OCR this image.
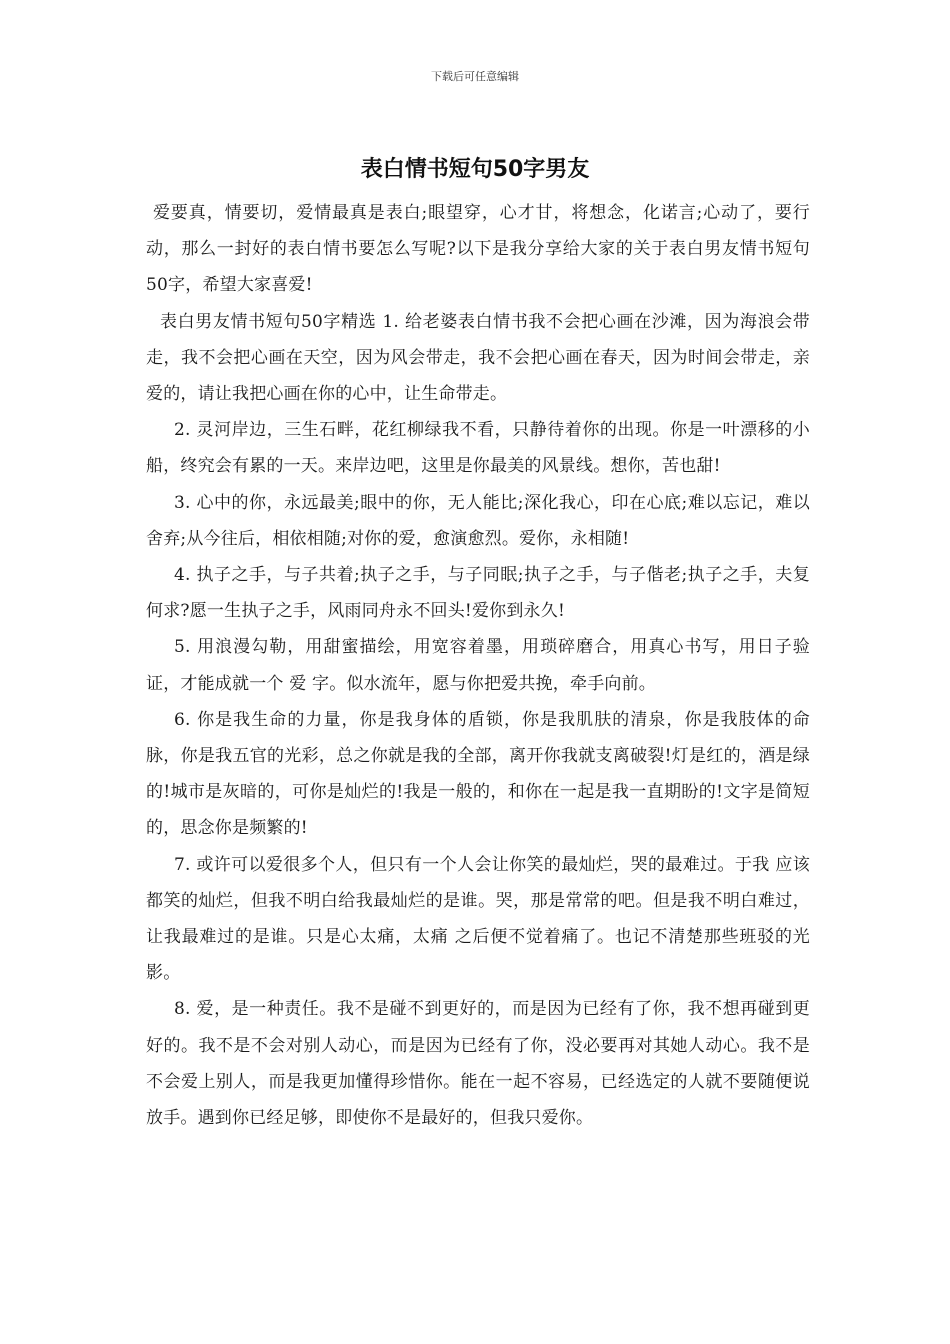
下载后可任意编辑
表白情书短句50字男友

爱要真，情要切，爱情最真是表白;眼望穿，心才甘，将想念，化诺言;心动了，要行动，那么一封好的表白情书要怎么写呢?以下是我分享给大家的关于表白男友情书短句50字，希望大家喜爱!

表白男友情书短句50字精选 1. 给老婆表白情书我不会把心画在沙滩，因为海浪会带走，我不会把心画在天空，因为风会带走，我不会把心画在春天，因为时间会带走，亲爱的，请让我把心画在你的心中，让生命带走。

2. 灵河岸边，三生石畔，花红柳绿我不看，只静待着你的出现。你是一叶漂移的小船，终究会有累的一天。来岸边吧，这里是你最美的风景线。想你，苦也甜!

3. 心中的你，永远最美;眼中的你，无人能比;深化我心，印在心底;难以忘记，难以舍弃;从今往后，相依相随;对你的爱，愈演愈烈。爱你，永相随!

4. 执子之手，与子共着;执子之手，与子同眠;执子之手，与子偕老;执子之手，夫复何求?愿一生执子之手，风雨同舟永不回头!爱你到永久!

5. 用浪漫勾勒，用甜蜜描绘，用宽容着墨，用琐碎磨合，用真心书写，用日子验证，才能成就一个 爱 字。似水流年，愿与你把爱共挽，牵手向前。

6. 你是我生命的力量，你是我身体的盾锁，你是我肌肤的清泉，你是我肢体的命脉，你是我五官的光彩，总之你就是我的全部，离开你我就支离破裂!灯是红的，酒是绿的!城市是灰暗的，可你是灿烂的!我是一般的，和你在一起是我一直期盼的!文字是简短的，思念你是频繁的!

7. 或许可以爱很多个人，但只有一个人会让你笑的最灿烂，哭的最难过。于我 应该都笑的灿烂，但我不明白给我最灿烂的是谁。哭，那是常常的吧。但是我不明白难过，让我最难过的是谁。只是心太痛，太痛 之后便不觉着痛了。也记不清楚那些班驳的光影。

8. 爱，是一种责任。我不是碰不到更好的，而是因为已经有了你，我不想再碰到更好的。我不是不会对别人动心，而是因为已经有了你，没必要再对其她人动心。我不是不会爱上别人，而是我更加懂得珍惜你。能在一起不容易，已经选定的人就不要随便说放手。遇到你已经足够，即使你不是最好的，但我只爱你。
